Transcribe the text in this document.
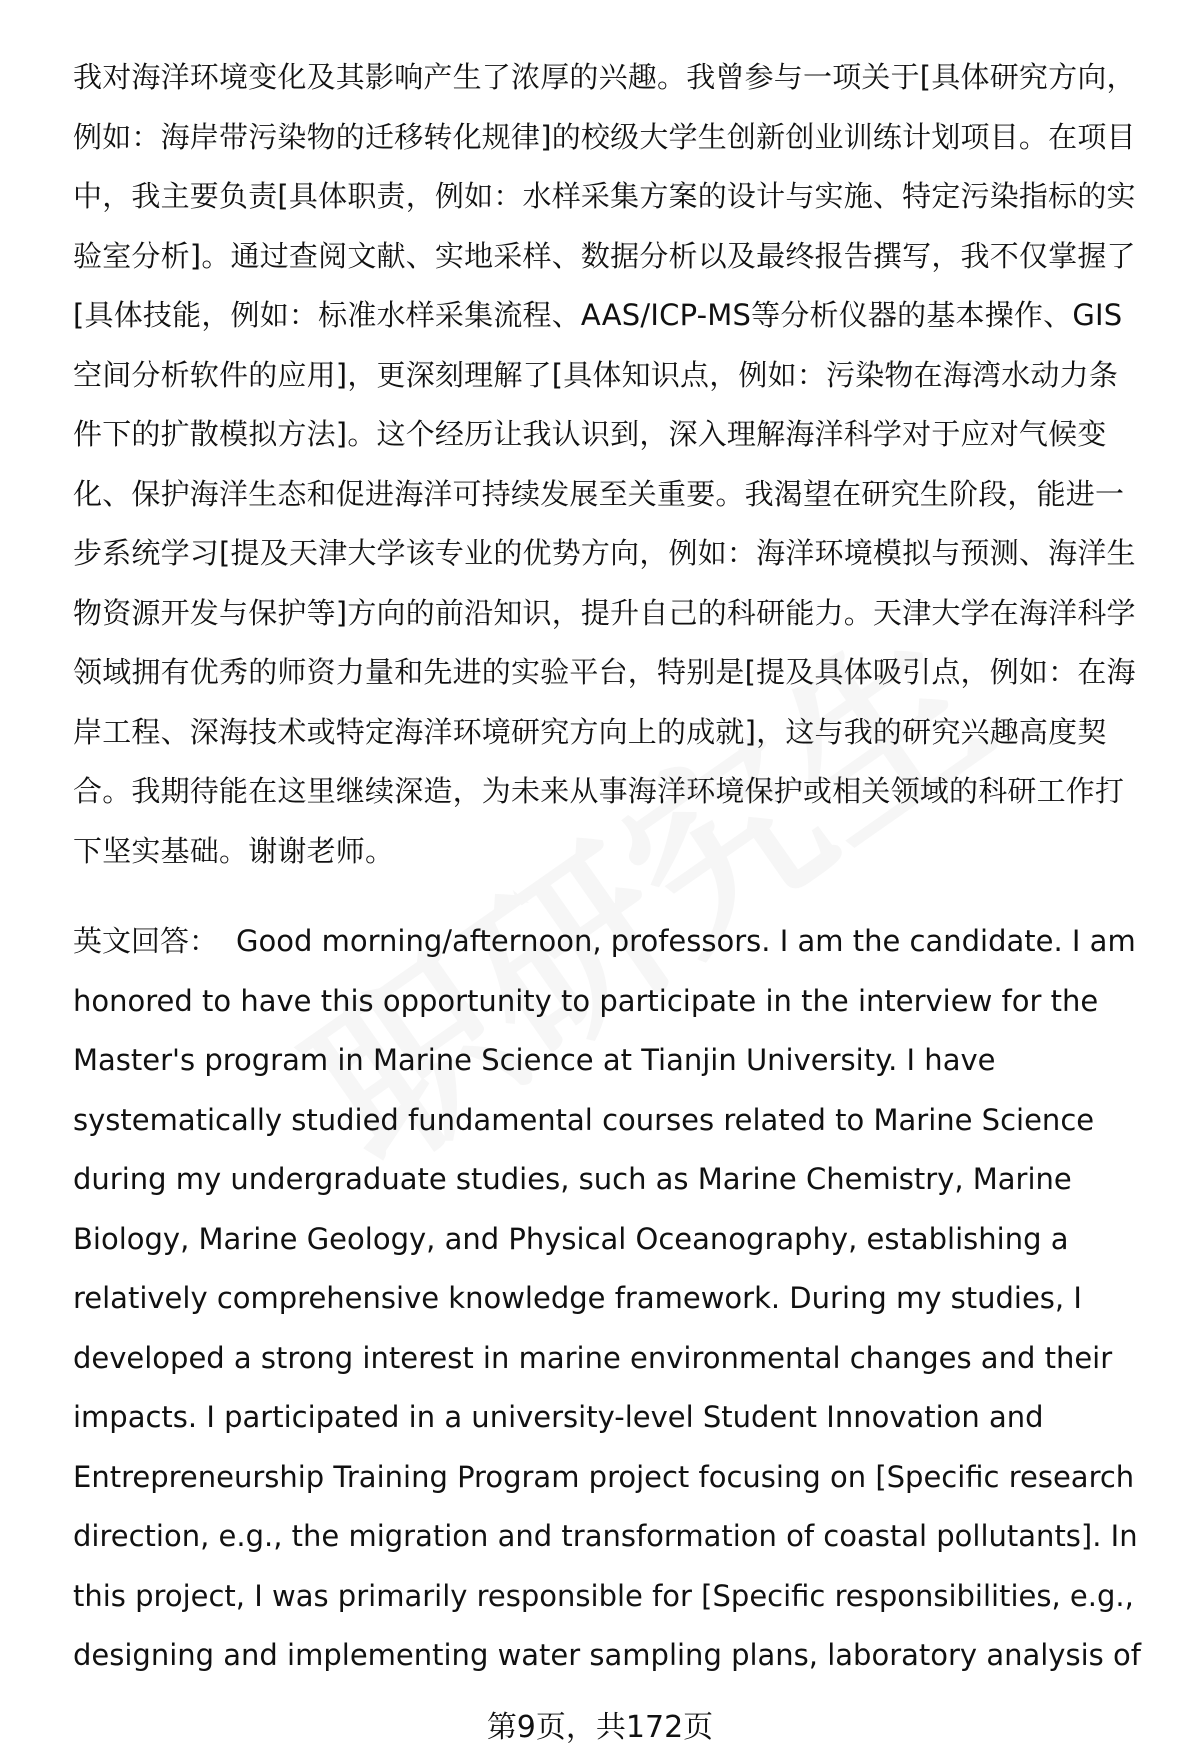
我对海洋环境变化及其影响产生了浓厚的兴趣。我曾参与一项关于[具体研究方向，
例如：海岸带污染物的迁移转化规律]的校级大学生创新创业训练计划项目。在项目
中，我主要负责[具体职责，例如：水样采集方案的设计与实施、特定污染指标的实
验室分析]。通过查阅文献、实地采样、数据分析以及最终报告撰写，我不仅掌握了
[具体技能，例如：标准水样采集流程、AAS/ICP-MS等分析仪器的基本操作、GIS
空间分析软件的应用]，更深刻理解了[具体知识点，例如：污染物在海湾水动力条
件下的扩散模拟方法]。这个经历让我认识到，深入理解海洋科学对于应对气候变
化、保护海洋生态和促进海洋可持续发展至关重要。我渴望在研究生阶段，能进一
步系统学习[提及天津大学该专业的优势方向，例如：海洋环境模拟与预测、海洋生
物资源开发与保护等]方向的前沿知识，提升自己的科研能力。天津大学在海洋科学
领域拥有优秀的师资力量和先进的实验平台，特别是[提及具体吸引点，例如：在海
岸工程、深海技术或特定海洋环境研究方向上的成就]，这与我的研究兴趣高度契
合。我期待能在这里继续深造，为未来从事海洋环境保护或相关领域的科研工作打
下坚实基础。谢谢老师。
英文回答： Good morning/afternoon, professors. I am the candidate. I am
honored to have this opportunity to participate in the interview for the
Master's program in Marine Science at Tianjin University. I have
systematically studied fundamental courses related to Marine Science
during my undergraduate studies, such as Marine Chemistry, Marine
Biology, Marine Geology, and Physical Oceanography, establishing a
relatively comprehensive knowledge framework. During my studies, I
developed a strong interest in marine environmental changes and their
impacts. I participated in a university-level Student Innovation and
Entrepreneurship Training Program project focusing on [Specific research
direction, e.g., the migration and transformation of coastal pollutants]. In
this project, I was primarily responsible for [Specific responsibilities, e.g.,
designing and implementing water sampling plans, laboratory analysis of
第9页，共172页
